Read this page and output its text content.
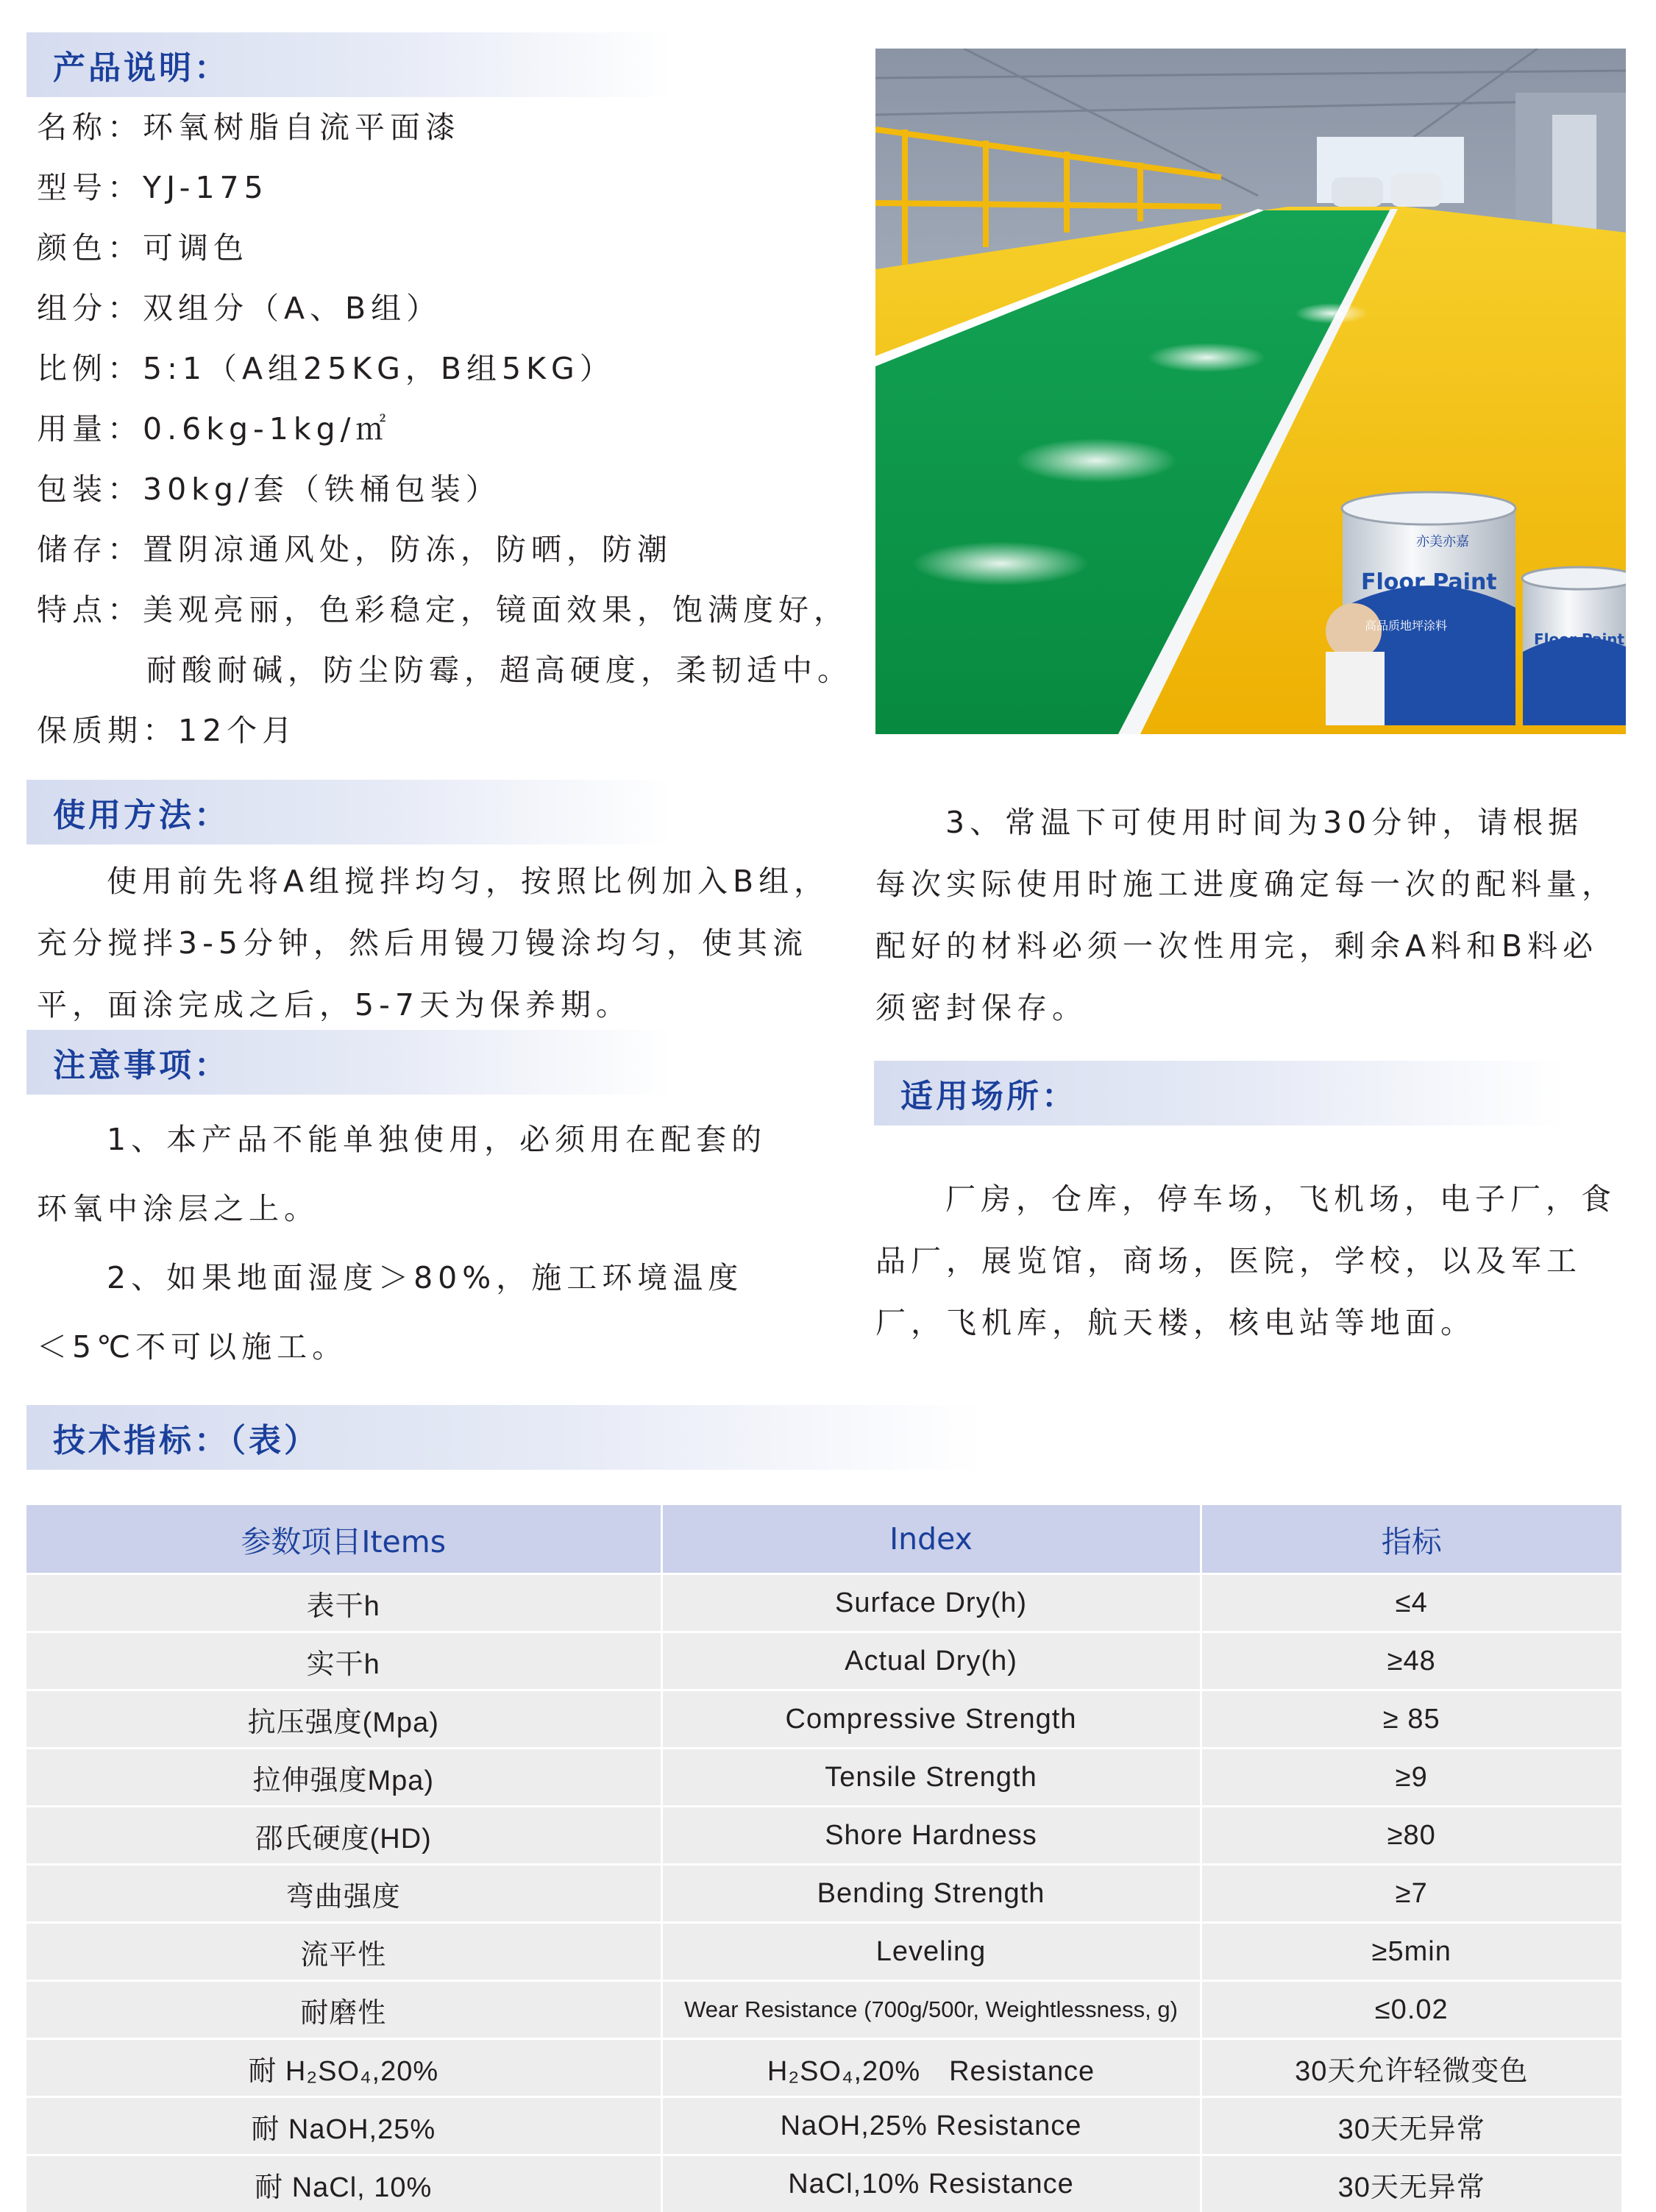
产品说明：
名称：环氧树脂自流平面漆
型号：YJ-175
颜色：可调色
组分：双组分（A、B组）
比例：5:1（A组25KG，B组5KG）
用量：0.6kg-1kg/㎡
包装：30kg/套（铁桶包装）
储存：置阴凉通风处，防冻，防晒，防潮
特点：美观亮丽，色彩稳定，镜面效果，饱满度好，
耐酸耐碱，防尘防霉，超高硬度，柔韧适中。
保质期：12个月
亦美亦嘉
Floor Paint
International Quality
高品质地坪涂料
Floor Paint
使用方法：

使用前先将A组搅拌均匀，按照比例加入B组，充分搅拌3-5分钟，然后用镘刀镘涂均匀，使其流平，面涂完成之后，5-7天为保养期。

注意事项：

1、本产品不能单独使用，必须用在配套的

环氧中涂层之上。

2、如果地面湿度＞80%，施工环境温度

＜5℃不可以施工。

3、常温下可使用时间为30分钟，请根据每次实际使用时施工进度确定每一次的配料量，配好的材料必须一次性用完，剩余A料和B料必须密封保存。

适用场所：

厂房，仓库，停车场，飞机场，电子厂，食品厂，展览馆，商场，医院，学校，以及军工厂，飞机库，航天楼，核电站等地面。

技术指标：（表）
参数项目Items	Index	指标
表干h	Surface Dry(h)	≤4
实干h	Actual Dry(h)	≥48
抗压强度(Mpa)	Compressive Strength	≥ 85
拉伸强度Mpa)	Tensile Strength	≥9
邵氏硬度(HD)	Shore Hardness	≥80
弯曲强度	Bending Strength	≥7
流平性	Leveling	≥5min
耐磨性	Wear Resistance (700g/500r, Weightlessness, g)	≤0.02
耐 H₂SO₄,20%	H₂SO₄,20%　Resistance	30天允许轻微变色
耐 NaOH,25%	NaOH,25% Resistance	30天无异常
耐 NaCl, 10%	NaCl,10% Resistance	30天无异常
